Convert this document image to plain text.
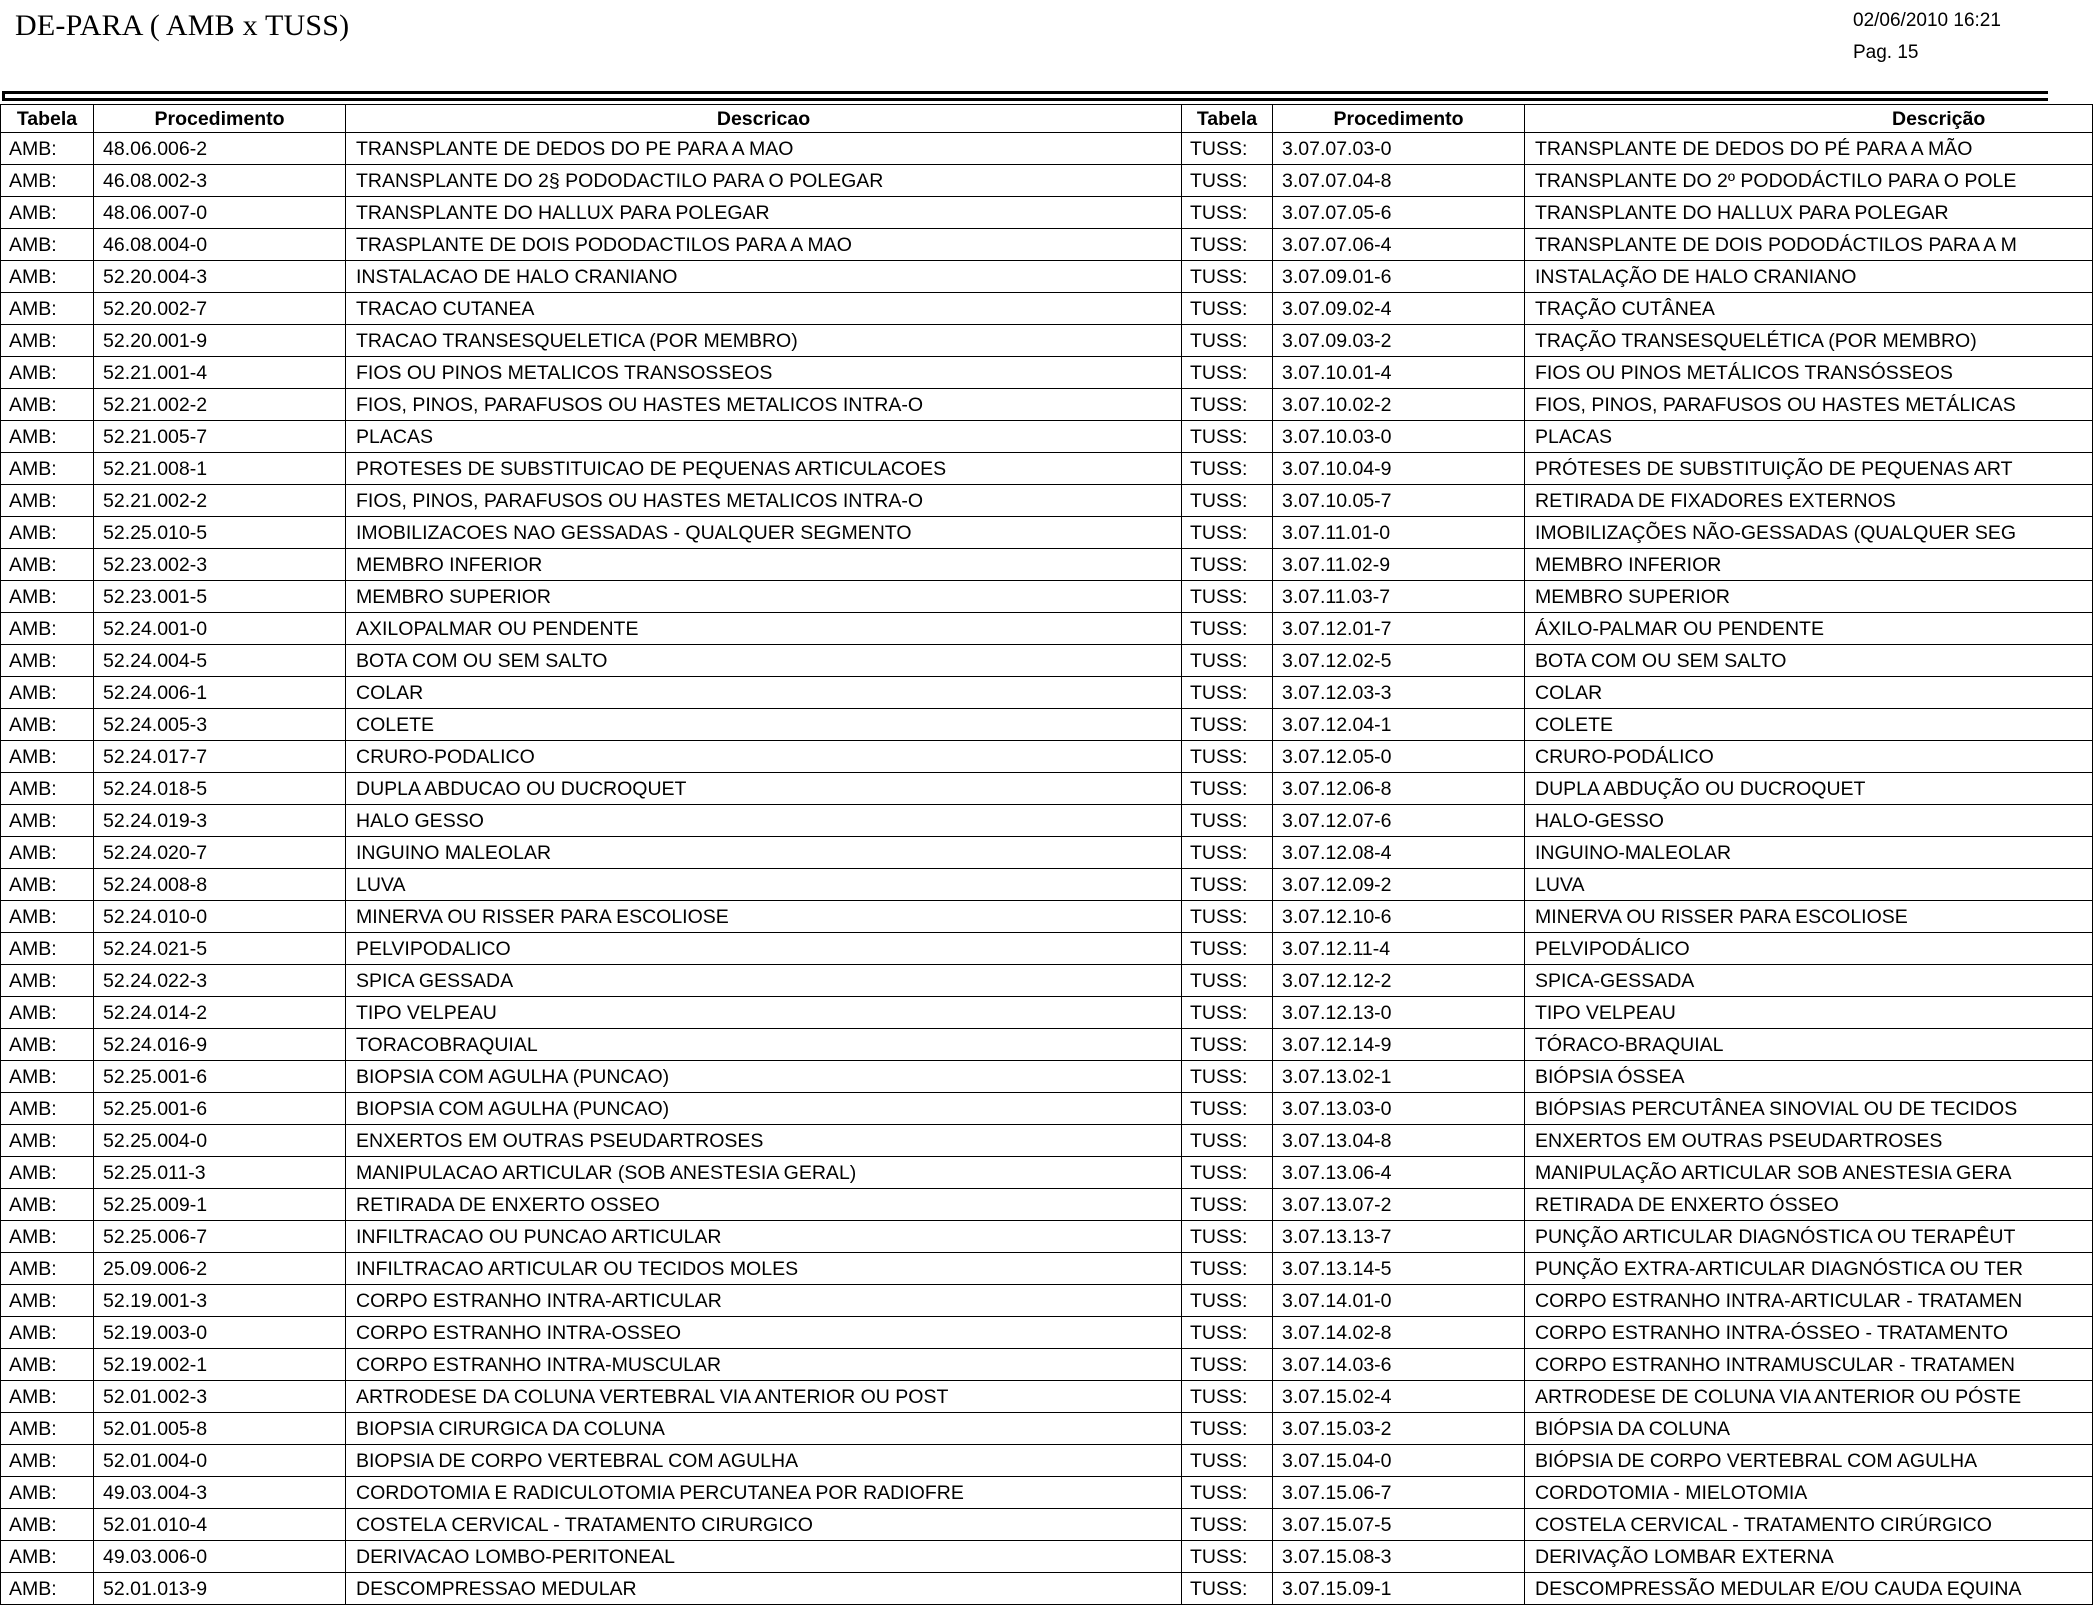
DE-PARA ( AMB x TUSS)	02/06/2010 16:21
Pag. 15
Tabela	Procedimento	Descricao	Tabela	Procedimento	Descrição
AMB:	48.06.006-2	TRANSPLANTE DE DEDOS DO PE PARA A MAO	TUSS:	3.07.07.03-0	TRANSPLANTE DE DEDOS DO PÉ PARA A MÃO
AMB:	46.08.002-3	TRANSPLANTE DO 2§ PODODACTILO PARA O POLEGAR	TUSS:	3.07.07.04-8	TRANSPLANTE DO 2º PODODÁCTILO PARA O POLE
AMB:	48.06.007-0	TRANSPLANTE DO HALLUX PARA POLEGAR	TUSS:	3.07.07.05-6	TRANSPLANTE DO HALLUX PARA POLEGAR
AMB:	46.08.004-0	TRASPLANTE DE DOIS PODODACTILOS PARA A MAO	TUSS:	3.07.07.06-4	TRANSPLANTE DE DOIS PODODÁCTILOS PARA A M
AMB:	52.20.004-3	INSTALACAO DE HALO CRANIANO	TUSS:	3.07.09.01-6	INSTALAÇÃO DE HALO CRANIANO
AMB:	52.20.002-7	TRACAO CUTANEA	TUSS:	3.07.09.02-4	TRAÇÃO CUTÂNEA
AMB:	52.20.001-9	TRACAO TRANSESQUELETICA (POR MEMBRO)	TUSS:	3.07.09.03-2	TRAÇÃO TRANSESQUELÉTICA (POR MEMBRO)
AMB:	52.21.001-4	FIOS OU PINOS METALICOS TRANSOSSEOS	TUSS:	3.07.10.01-4	FIOS OU PINOS METÁLICOS TRANSÓSSEOS
AMB:	52.21.002-2	FIOS, PINOS, PARAFUSOS OU HASTES METALICOS INTRA-O	TUSS:	3.07.10.02-2	FIOS, PINOS, PARAFUSOS OU HASTES METÁLICAS
AMB:	52.21.005-7	PLACAS	TUSS:	3.07.10.03-0	PLACAS
AMB:	52.21.008-1	PROTESES DE SUBSTITUICAO DE PEQUENAS ARTICULACOES	TUSS:	3.07.10.04-9	PRÓTESES DE SUBSTITUIÇÃO DE PEQUENAS ART
AMB:	52.21.002-2	FIOS, PINOS, PARAFUSOS OU HASTES METALICOS INTRA-O	TUSS:	3.07.10.05-7	RETIRADA DE FIXADORES EXTERNOS
AMB:	52.25.010-5	IMOBILIZACOES NAO GESSADAS - QUALQUER SEGMENTO	TUSS:	3.07.11.01-0	IMOBILIZAÇÕES NÃO-GESSADAS (QUALQUER SEG
AMB:	52.23.002-3	MEMBRO INFERIOR	TUSS:	3.07.11.02-9	MEMBRO INFERIOR
AMB:	52.23.001-5	MEMBRO SUPERIOR	TUSS:	3.07.11.03-7	MEMBRO SUPERIOR
AMB:	52.24.001-0	AXILOPALMAR OU PENDENTE	TUSS:	3.07.12.01-7	ÁXILO-PALMAR OU PENDENTE
AMB:	52.24.004-5	BOTA COM OU SEM SALTO	TUSS:	3.07.12.02-5	BOTA COM OU SEM SALTO
AMB:	52.24.006-1	COLAR	TUSS:	3.07.12.03-3	COLAR
AMB:	52.24.005-3	COLETE	TUSS:	3.07.12.04-1	COLETE
AMB:	52.24.017-7	CRURO-PODALICO	TUSS:	3.07.12.05-0	CRURO-PODÁLICO
AMB:	52.24.018-5	DUPLA ABDUCAO OU DUCROQUET	TUSS:	3.07.12.06-8	DUPLA ABDUÇÃO OU DUCROQUET
AMB:	52.24.019-3	HALO GESSO	TUSS:	3.07.12.07-6	HALO-GESSO
AMB:	52.24.020-7	INGUINO MALEOLAR	TUSS:	3.07.12.08-4	INGUINO-MALEOLAR
AMB:	52.24.008-8	LUVA	TUSS:	3.07.12.09-2	LUVA
AMB:	52.24.010-0	MINERVA OU RISSER PARA ESCOLIOSE	TUSS:	3.07.12.10-6	MINERVA OU RISSER PARA ESCOLIOSE
AMB:	52.24.021-5	PELVIPODALICO	TUSS:	3.07.12.11-4	PELVIPODÁLICO
AMB:	52.24.022-3	SPICA GESSADA	TUSS:	3.07.12.12-2	SPICA-GESSADA
AMB:	52.24.014-2	TIPO VELPEAU	TUSS:	3.07.12.13-0	TIPO VELPEAU
AMB:	52.24.016-9	TORACOBRAQUIAL	TUSS:	3.07.12.14-9	TÓRACO-BRAQUIAL
AMB:	52.25.001-6	BIOPSIA COM AGULHA (PUNCAO)	TUSS:	3.07.13.02-1	BIÓPSIA ÓSSEA
AMB:	52.25.001-6	BIOPSIA COM AGULHA (PUNCAO)	TUSS:	3.07.13.03-0	BIÓPSIAS PERCUTÂNEA SINOVIAL OU DE TECIDOS
AMB:	52.25.004-0	ENXERTOS EM OUTRAS PSEUDARTROSES	TUSS:	3.07.13.04-8	ENXERTOS EM OUTRAS PSEUDARTROSES
AMB:	52.25.011-3	MANIPULACAO ARTICULAR (SOB ANESTESIA GERAL)	TUSS:	3.07.13.06-4	MANIPULAÇÃO ARTICULAR SOB ANESTESIA GERA
AMB:	52.25.009-1	RETIRADA DE ENXERTO OSSEO	TUSS:	3.07.13.07-2	RETIRADA DE ENXERTO ÓSSEO
AMB:	52.25.006-7	INFILTRACAO OU PUNCAO ARTICULAR	TUSS:	3.07.13.13-7	PUNÇÃO ARTICULAR DIAGNÓSTICA OU TERAPÊUT
AMB:	25.09.006-2	INFILTRACAO ARTICULAR OU TECIDOS MOLES	TUSS:	3.07.13.14-5	PUNÇÃO EXTRA-ARTICULAR DIAGNÓSTICA OU TER
AMB:	52.19.001-3	CORPO ESTRANHO INTRA-ARTICULAR	TUSS:	3.07.14.01-0	CORPO ESTRANHO INTRA-ARTICULAR - TRATAMEN
AMB:	52.19.003-0	CORPO ESTRANHO INTRA-OSSEO	TUSS:	3.07.14.02-8	CORPO ESTRANHO INTRA-ÓSSEO - TRATAMENTO
AMB:	52.19.002-1	CORPO ESTRANHO INTRA-MUSCULAR	TUSS:	3.07.14.03-6	CORPO ESTRANHO INTRAMUSCULAR - TRATAMEN
AMB:	52.01.002-3	ARTRODESE DA COLUNA VERTEBRAL VIA ANTERIOR OU POST	TUSS:	3.07.15.02-4	ARTRODESE DE COLUNA VIA ANTERIOR OU PÓSTE
AMB:	52.01.005-8	BIOPSIA CIRURGICA DA COLUNA	TUSS:	3.07.15.03-2	BIÓPSIA DA COLUNA
AMB:	52.01.004-0	BIOPSIA DE CORPO VERTEBRAL COM AGULHA	TUSS:	3.07.15.04-0	BIÓPSIA DE CORPO VERTEBRAL COM AGULHA
AMB:	49.03.004-3	CORDOTOMIA E RADICULOTOMIA PERCUTANEA POR RADIOFRE	TUSS:	3.07.15.06-7	CORDOTOMIA - MIELOTOMIA
AMB:	52.01.010-4	COSTELA CERVICAL - TRATAMENTO CIRURGICO	TUSS:	3.07.15.07-5	COSTELA CERVICAL - TRATAMENTO CIRÚRGICO
AMB:	49.03.006-0	DERIVACAO LOMBO-PERITONEAL	TUSS:	3.07.15.08-3	DERIVAÇÃO LOMBAR EXTERNA
AMB:	52.01.013-9	DESCOMPRESSAO MEDULAR	TUSS:	3.07.15.09-1	DESCOMPRESSÃO MEDULAR E/OU CAUDA EQUINA
